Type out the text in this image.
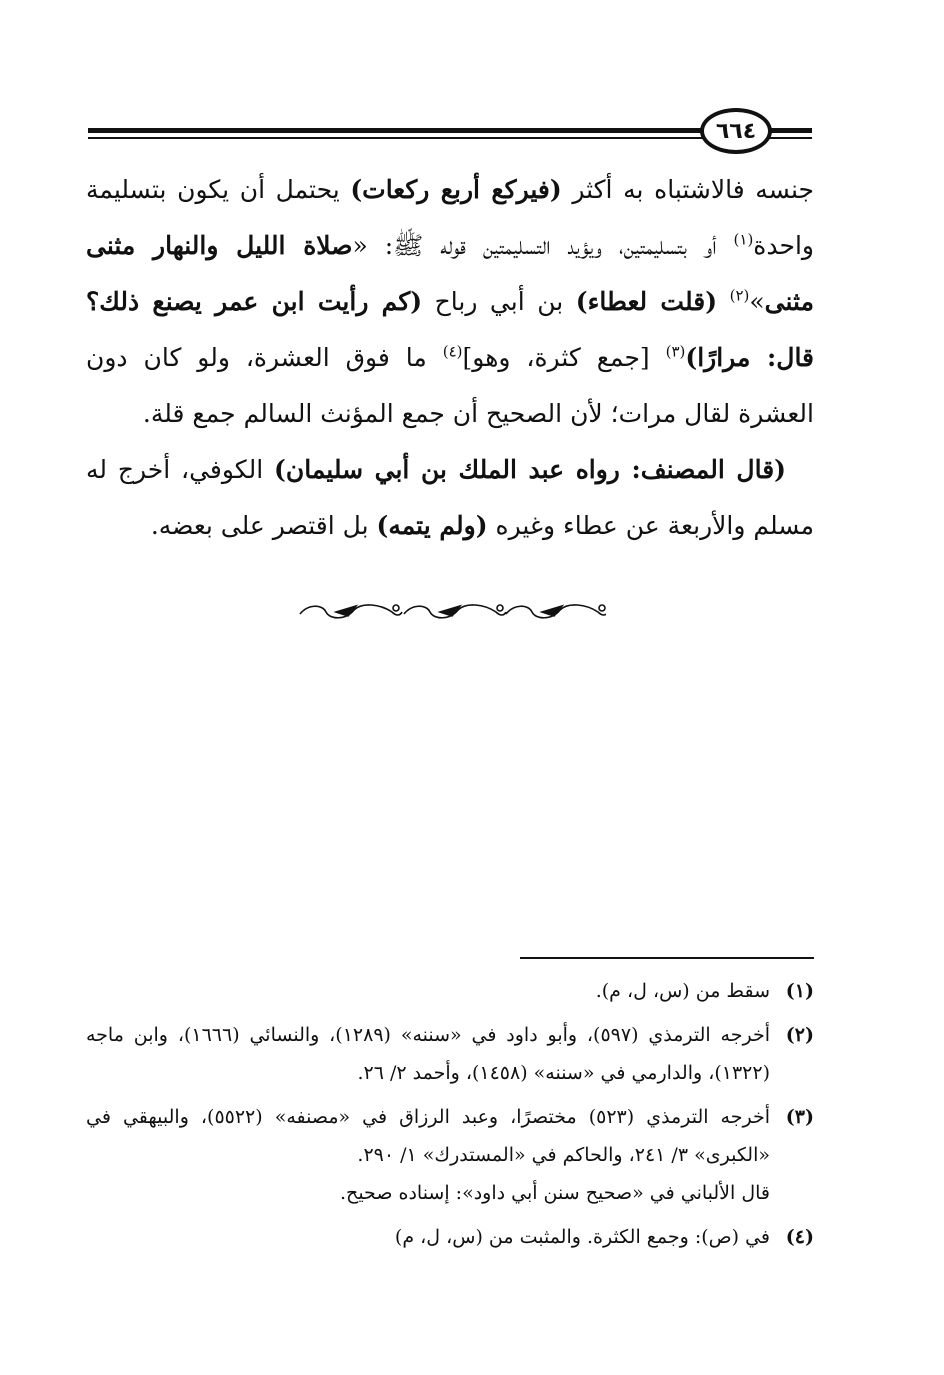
٦٦٤

جنسه فالاشتباه به أكثر (فيركع أربع ركعات) يحتمل أن يكون بتسليمة واحدة$^{(١)}$ أو بتسليمتين، ويؤيد التسليمتين قوله ﷺ: «صلاة الليل والنهار مثنى مثنى»$^{(٢)}$ (قلت لعطاء) بن أبي رباح (كم رأيت ابن عمر يصنع ذلك؟ قال: مرارًا)$^{(٣)}$ [جمع كثرة، وهو]$^{(٤)}$ ما فوق العشرة، ولو كان دون العشرة لقال مرات؛ لأن الصحيح أن جمع المؤنث السالم جمع قلة.

(قال المصنف: رواه عبد الملك بن أبي سليمان) الكوفي، أخرج له مسلم والأربعة عن عطاء وغيره (ولم يتمه) بل اقتصر على بعضه.

(١)

سقط من (س، ل، م).

(٢)

أخرجه الترمذي (٥٩٧)، وأبو داود في «سننه» (١٢٨٩)، والنسائي (١٦٦٦)، وابن ماجه (١٣٢٢)، والدارمي في «سننه» (١٤٥٨)، وأحمد ٢/ ٢٦.

(٣)

أخرجه الترمذي (٥٢٣) مختصرًا، وعبد الرزاق في «مصنفه» (٥٥٢٢)، والبيهقي في «الكبرى» ٣/ ٢٤١، والحاكم في «المستدرك» ١/ ٢٩٠.

قال الألباني في «صحيح سنن أبي داود»: إسناده صحيح.

(٤)

في (ص): وجمع الكثرة. والمثبت من (س، ل، م)
